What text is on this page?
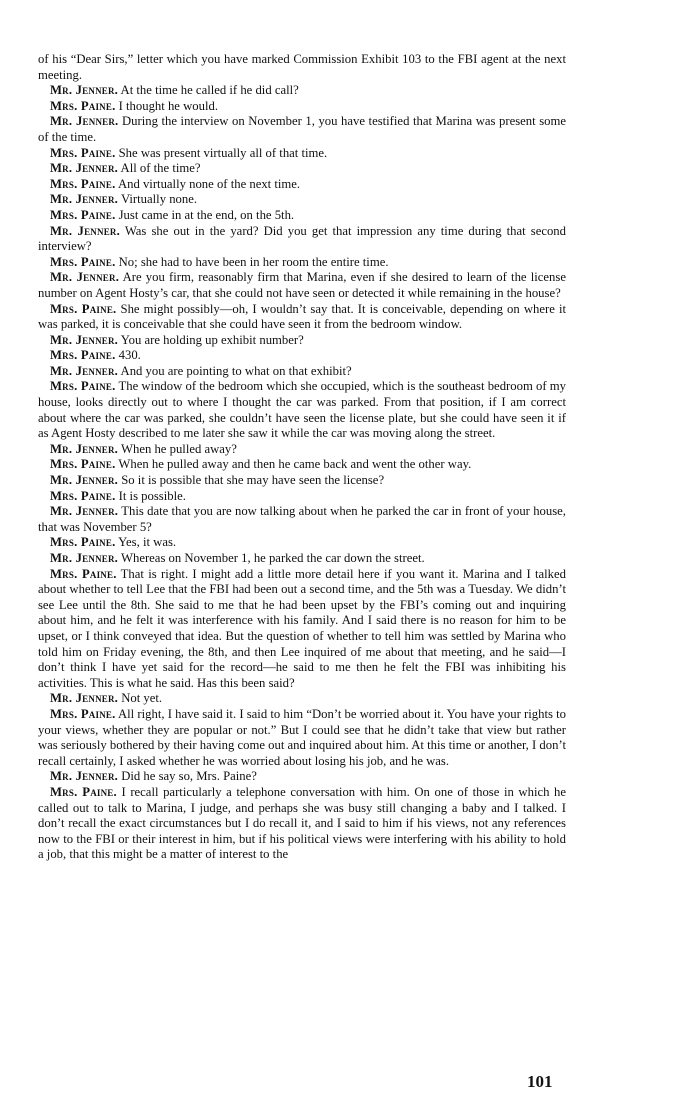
of his “Dear Sirs,” letter which you have marked Commission Exhibit 103 to the FBI agent at the next meeting.

Mr. Jenner. At the time he called if he did call?

Mrs. Paine. I thought he would.

Mr. Jenner. During the interview on November 1, you have testified that Marina was present some of the time.

Mrs. Paine. She was present virtually all of that time.

Mr. Jenner. All of the time?

Mrs. Paine. And virtually none of the next time.

Mr. Jenner. Virtually none.

Mrs. Paine. Just came in at the end, on the 5th.

Mr. Jenner. Was she out in the yard? Did you get that impression any time during that second interview?

Mrs. Paine. No; she had to have been in her room the entire time.

Mr. Jenner. Are you firm, reasonably firm that Marina, even if she desired to learn of the license number on Agent Hosty’s car, that she could not have seen or detected it while remaining in the house?

Mrs. Paine. She might possibly—oh, I wouldn’t say that. It is conceivable, depending on where it was parked, it is conceivable that she could have seen it from the bedroom window.

Mr. Jenner. You are holding up exhibit number?

Mrs. Paine. 430.

Mr. Jenner. And you are pointing to what on that exhibit?

Mrs. Paine. The window of the bedroom which she occupied, which is the southeast bedroom of my house, looks directly out to where I thought the car was parked. From that position, if I am correct about where the car was parked, she couldn’t have seen the license plate, but she could have seen it if as Agent Hosty described to me later she saw it while the car was moving along the street.

Mr. Jenner. When he pulled away?

Mrs. Paine. When he pulled away and then he came back and went the other way.

Mr. Jenner. So it is possible that she may have seen the license?

Mrs. Paine. It is possible.

Mr. Jenner. This date that you are now talking about when he parked the car in front of your house, that was November 5?

Mrs. Paine. Yes, it was.

Mr. Jenner. Whereas on November 1, he parked the car down the street.

Mrs. Paine. That is right. I might add a little more detail here if you want it. Marina and I talked about whether to tell Lee that the FBI had been out a second time, and the 5th was a Tuesday. We didn’t see Lee until the 8th. She said to me that he had been upset by the FBI’s coming out and inquiring about him, and he felt it was interference with his family. And I said there is no reason for him to be upset, or I think conveyed that idea. But the question of whether to tell him was settled by Marina who told him on Friday evening, the 8th, and then Lee inquired of me about that meeting, and he said—I don’t think I have yet said for the record—he said to me then he felt the FBI was inhibiting his activities. This is what he said. Has this been said?

Mr. Jenner. Not yet.

Mrs. Paine. All right, I have said it. I said to him “Don’t be worried about it. You have your rights to your views, whether they are popular or not.” But I could see that he didn’t take that view but rather was seriously bothered by their having come out and inquired about him. At this time or another, I don’t recall certainly, I asked whether he was worried about losing his job, and he was.

Mr. Jenner. Did he say so, Mrs. Paine?

Mrs. Paine. I recall particularly a telephone conversation with him. On one of those in which he called out to talk to Marina, I judge, and perhaps she was busy still changing a baby and I talked. I don’t recall the exact circumstances but I do recall it, and I said to him if his views, not any references now to the FBI or their interest in him, but if his political views were interfering with his ability to hold a job, that this might be a matter of interest to the

101
